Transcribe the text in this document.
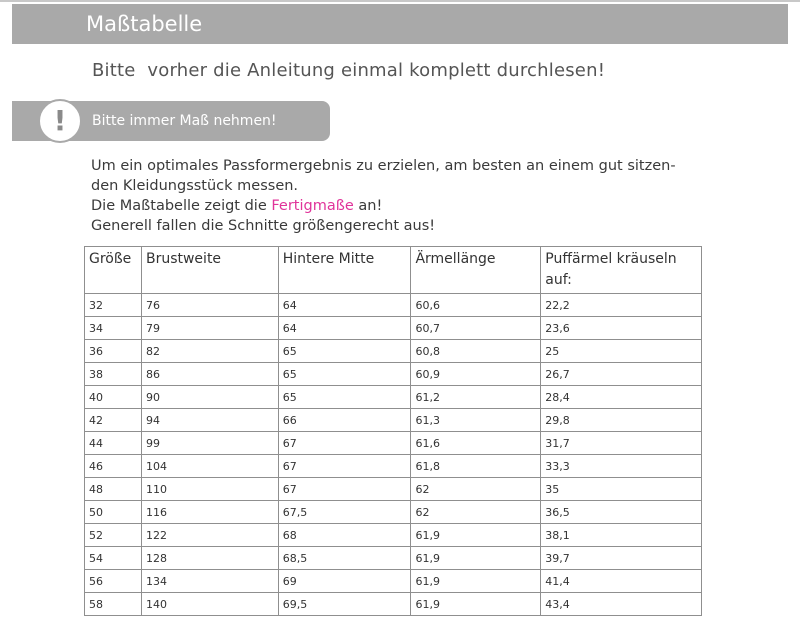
Maßtabelle
Bitte  vorher die Anleitung einmal komplett durchlesen!
Bitte immer Maß nehmen!
!

Um ein optimales Passformergebnis zu erzielen, am besten an einem gut sitzen-

den Kleidungsstück messen.

Die Maßtabelle zeigt die Fertigmaße an!

Generell fallen die Schnitte größengerecht aus!

Größe	Brustweite	Hintere Mitte	Ärmellänge	Puffärmel kräuseln auf:
32	76	64	60,6	22,2
34	79	64	60,7	23,6
36	82	65	60,8	25
38	86	65	60,9	26,7
40	90	65	61,2	28,4
42	94	66	61,3	29,8
44	99	67	61,6	31,7
46	104	67	61,8	33,3
48	110	67	62	35
50	116	67,5	62	36,5
52	122	68	61,9	38,1
54	128	68,5	61,9	39,7
56	134	69	61,9	41,4
58	140	69,5	61,9	43,4
